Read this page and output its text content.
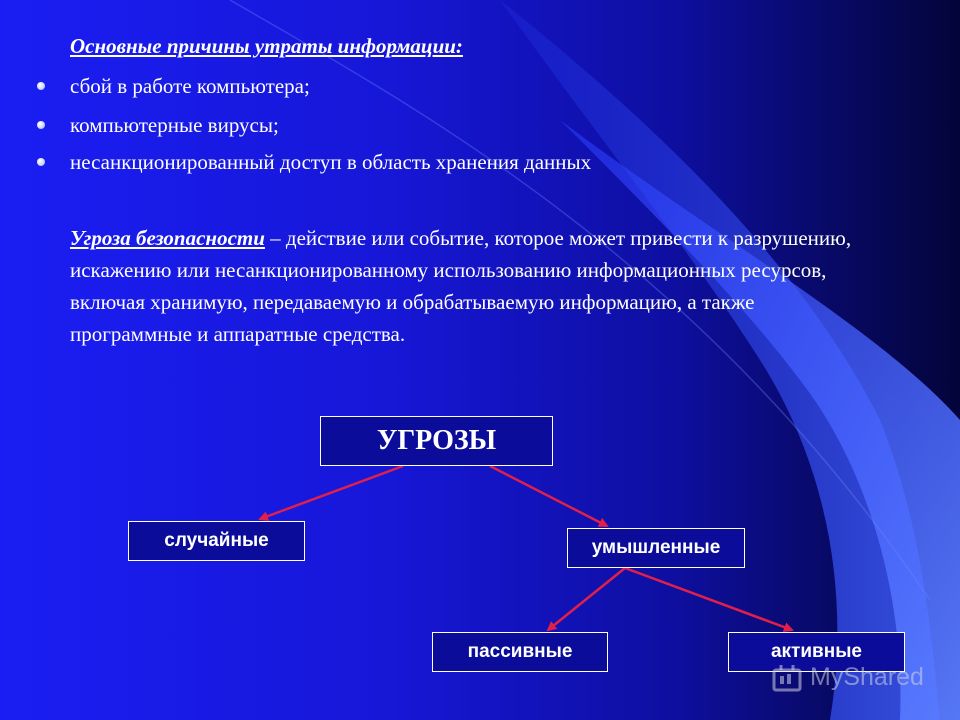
Основные причины утраты информации:
сбой в работе компьютера;
компьютерные вирусы;
несанкционированный доступ в область хранения данных
Угроза безопасности – действие или событие, которое может привести к разрушению, искажению или несанкционированному использованию информационных ресурсов, включая хранимую, передаваемую и обрабатываемую информацию, а также программные и аппаратные средства.
УГРОЗЫ
случайные	умышленные
пассивные	активные
MyShared
